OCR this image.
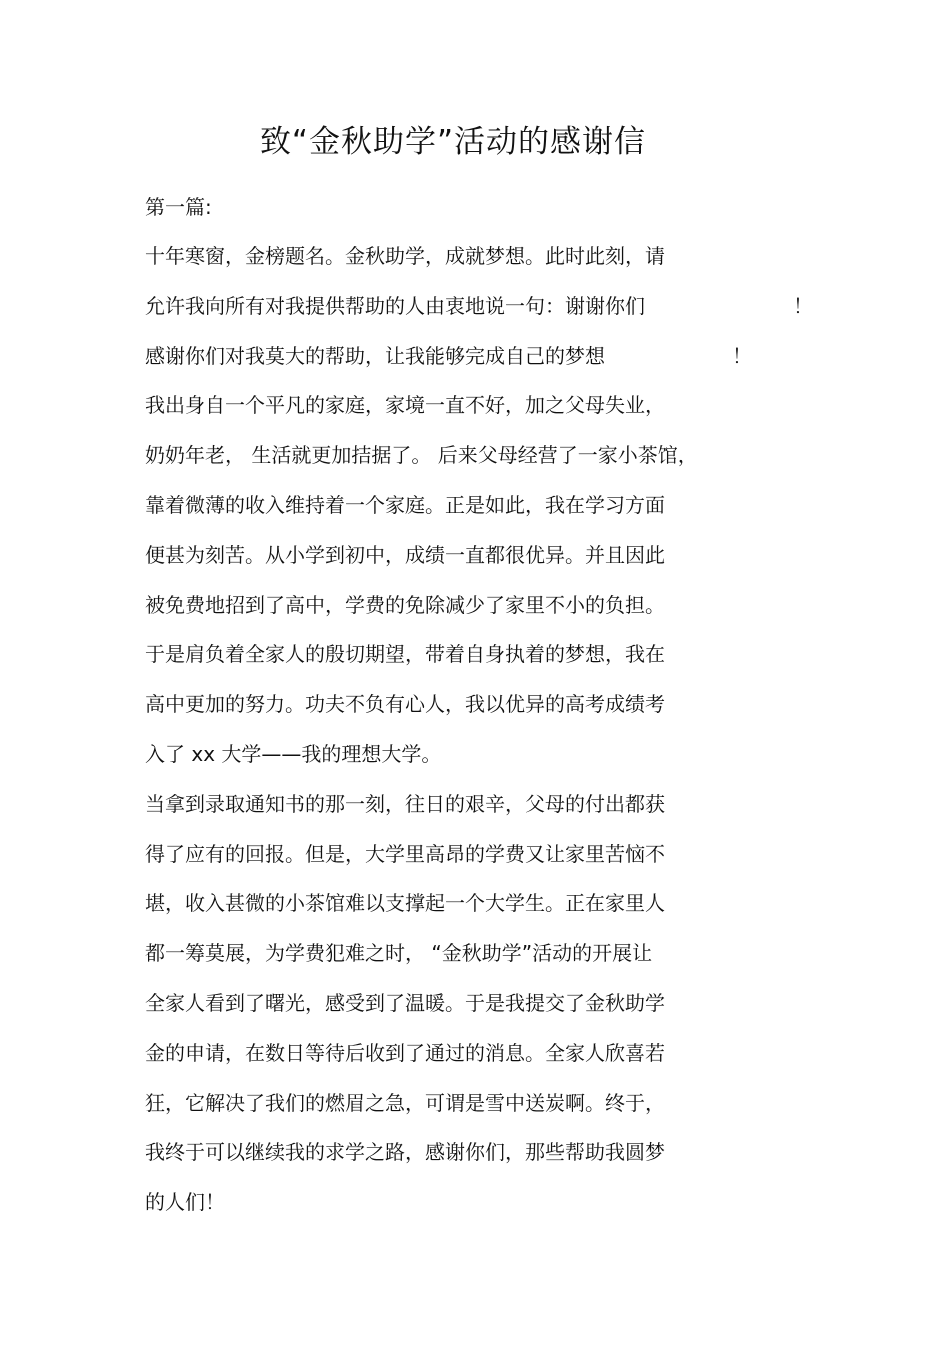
致“金秋助学”活动的感谢信
第一篇:
十年寒窗，金榜题名。金秋助学，成就梦想。此时此刻，请
允许我向所有对我提供帮助的人由衷地说一句：谢谢你们	！
感谢你们对我莫大的帮助，让我能够完成自己的梦想	！
我出身自一个平凡的家庭，家境一直不好，加之父母失业，
奶奶年老， 生活就更加拮据了。 后来父母经营了一家小茶馆，
靠着微薄的收入维持着一个家庭。正是如此，我在学习方面
便甚为刻苦。从小学到初中，成绩一直都很优异。并且因此
被免费地招到了高中，学费的免除减少了家里不小的负担。
于是肩负着全家人的殷切期望，带着自身执着的梦想，我在
高中更加的努力。功夫不负有心人，我以优异的高考成绩考
入了 xx 大学——我的理想大学。
当拿到录取通知书的那一刻，往日的艰辛，父母的付出都获
得了应有的回报。但是，大学里高昂的学费又让家里苦恼不
堪，收入甚微的小茶馆难以支撑起一个大学生。正在家里人
都一筹莫展，为学费犯难之时， “金秋助学”活动的开展让
全家人看到了曙光，感受到了温暖。于是我提交了金秋助学
金的申请，在数日等待后收到了通过的消息。全家人欣喜若
狂，它解决了我们的燃眉之急，可谓是雪中送炭啊。终于，
我终于可以继续我的求学之路，感谢你们，那些帮助我圆梦
的人们！
